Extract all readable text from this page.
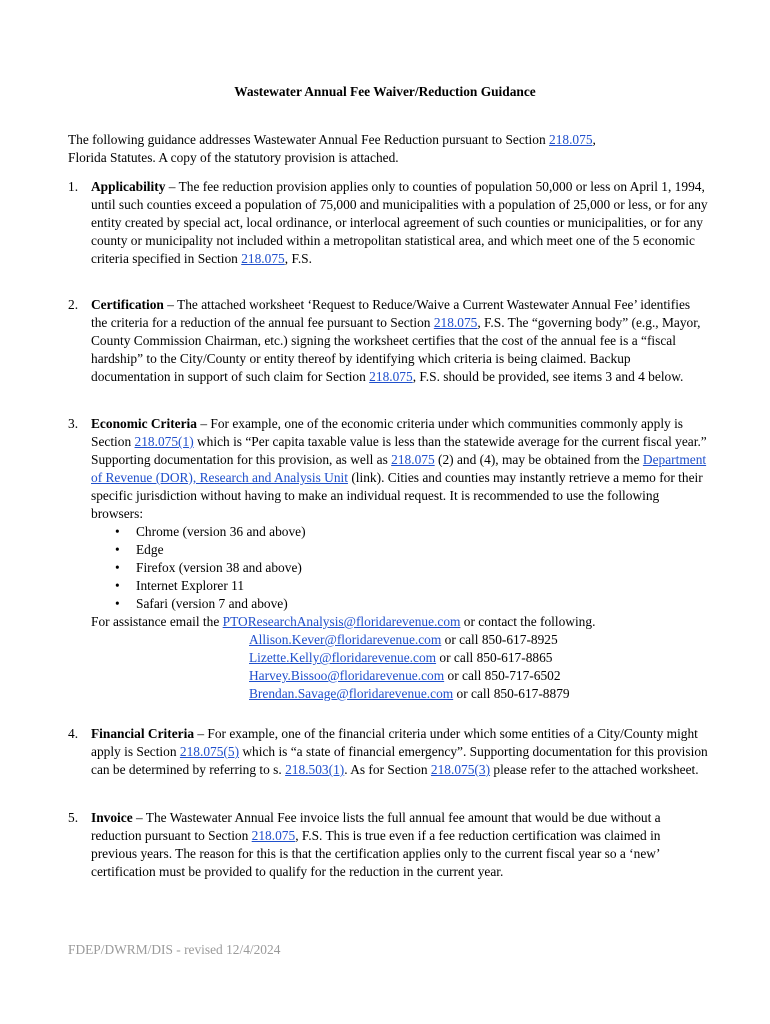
Wastewater Annual Fee Waiver/Reduction Guidance
The following guidance addresses Wastewater Annual Fee Reduction pursuant to Section 218.075,
Florida Statutes. A copy of the statutory provision is attached.
1. Applicability – The fee reduction provision applies only to counties of population 50,000 or less on April 1, 1994, until such counties exceed a population of 75,000 and municipalities with a population of 25,000 or less, or for any entity created by special act, local ordinance, or interlocal agreement of such counties or municipalities, or for any county or municipality not included within a metropolitan statistical area, and which meet one of the 5 economic criteria specified in Section 218.075, F.S.
2. Certification – The attached worksheet ‘Request to Reduce/Waive a Current Wastewater Annual Fee’ identifies the criteria for a reduction of the annual fee pursuant to Section 218.075, F.S. The “governing body” (e.g., Mayor, County Commission Chairman, etc.) signing the worksheet certifies that the cost of the annual fee is a “fiscal hardship” to the City/County or entity thereof by identifying which criteria is being claimed. Backup documentation in support of such claim for Section 218.075, F.S. should be provided, see items 3 and 4 below.
3. Economic Criteria – For example, one of the economic criteria under which communities commonly apply is Section 218.075(1) which is “Per capita taxable value is less than the statewide average for the current fiscal year.” Supporting documentation for this provision, as well as 218.075 (2) and (4), may be obtained from the Department of Revenue (DOR), Research and Analysis Unit (link). Cities and counties may instantly retrieve a memo for their specific jurisdiction without having to make an individual request. It is recommended to use the following browsers:
• Chrome (version 36 and above)
• Edge
• Firefox (version 38 and above)
• Internet Explorer 11
• Safari (version 7 and above)
For assistance email the PTOResearchAnalysis@floridarevenue.com or contact the following.
Allison.Kever@floridarevenue.com or call 850-617-8925
Lizette.Kelly@floridarevenue.com or call 850-617-8865
Harvey.Bissoo@floridarevenue.com or call 850-717-6502
Brendan.Savage@floridarevenue.com or call 850-617-8879
4. Financial Criteria – For example, one of the financial criteria under which some entities of a City/County might apply is Section 218.075(5) which is “a state of financial emergency”. Supporting documentation for this provision can be determined by referring to s. 218.503(1). As for Section 218.075(3) please refer to the attached worksheet.
5. Invoice – The Wastewater Annual Fee invoice lists the full annual fee amount that would be due without a reduction pursuant to Section 218.075, F.S. This is true even if a fee reduction certification was claimed in previous years. The reason for this is that the certification applies only to the current fiscal year so a ‘new’ certification must be provided to qualify for the reduction in the current year.
FDEP/DWRM/DIS - revised 12/4/2024
